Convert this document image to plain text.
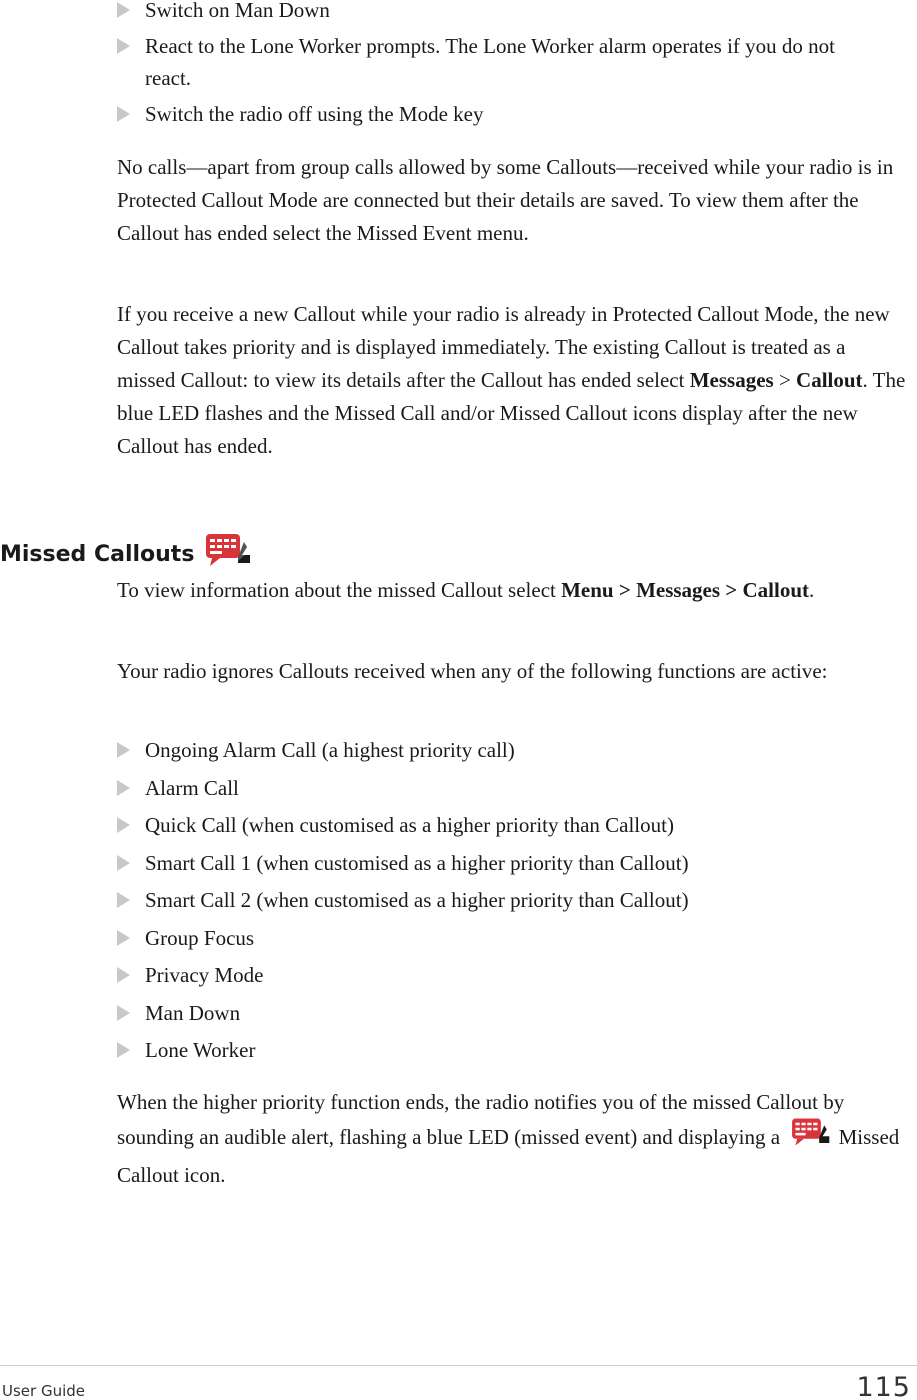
Switch on Man Down
React to the Lone Worker prompts. The Lone Worker alarm operates if you do not react.
Switch the radio off using the Mode key

No calls—apart from group calls allowed by some Callouts—received while your radio is in Protected Callout Mode are connected but their details are saved. To view them after the Callout has ended select the Missed Event menu.

If you receive a new Callout while your radio is already in Protected Callout Mode, the new Callout takes priority and is displayed immediately. The existing Callout is treated as a missed Callout: to view its details after the Callout has ended select Messages > Callout. The blue LED flashes and the Missed Call and/or Missed Callout icons display after the new Callout has ended.

Missed Callouts

To view information about the missed Callout select Menu > Messages > Callout.

Your radio ignores Callouts received when any of the following functions are active:

Ongoing Alarm Call (a highest priority call)
Alarm Call
Quick Call (when customised as a higher priority than Callout)
Smart Call 1 (when customised as a higher priority than Callout)
Smart Call 2 (when customised as a higher priority than Callout)
Group Focus
Privacy Mode
Man Down
Lone Worker

When the higher priority function ends, the radio notifies you of the missed Callout by sounding an audible alert, flashing a blue LED (missed event) and displaying a  Missed Callout icon.

User Guide	115
